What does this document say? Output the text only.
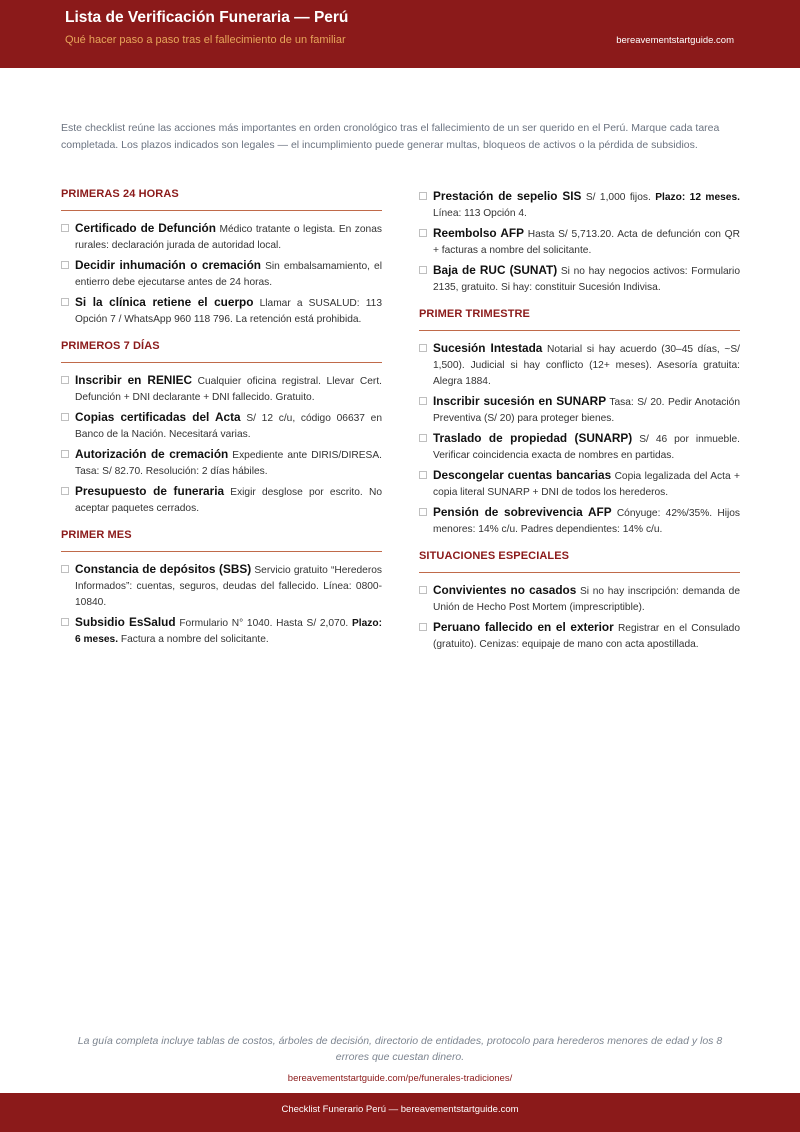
Lista de Verificación Funeraria — Perú
Qué hacer paso a paso tras el fallecimiento de un familiar	bereavementstartguide.com
Este checklist reúne las acciones más importantes en orden cronológico tras el fallecimiento de un ser querido en el Perú. Marque cada tarea completada. Los plazos indicados son legales — el incumplimiento puede generar multas, bloqueos de activos o la pérdida de subsidios.
PRIMERAS 24 HORAS
Certificado de Defunción Médico tratante o legista. En zonas rurales: declaración jurada de autoridad local.
Decidir inhumación o cremación Sin embalsamamiento, el entierro debe ejecutarse antes de 24 horas.
Si la clínica retiene el cuerpo Llamar a SUSALUD: 113 Opción 7 / WhatsApp 960 118 796. La retención está prohibida.
PRIMEROS 7 DÍAS
Inscribir en RENIEC Cualquier oficina registral. Llevar Cert. Defunción + DNI declarante + DNI fallecido. Gratuito.
Copias certificadas del Acta S/ 12 c/u, código 06637 en Banco de la Nación. Necesitará varias.
Autorización de cremación Expediente ante DIRIS/DIRESA. Tasa: S/ 82.70. Resolución: 2 días hábiles.
Presupuesto de funeraria Exigir desglose por escrito. No aceptar paquetes cerrados.
PRIMER MES
Constancia de depósitos (SBS) Servicio gratuito “Herederos Informados”: cuentas, seguros, deudas del fallecido. Línea: 0800-10840.
Subsidio EsSalud Formulario N° 1040. Hasta S/ 2,070. Plazo: 6 meses. Factura a nombre del solicitante.
Prestación de sepelio SIS S/ 1,000 fijos. Plazo: 12 meses. Línea: 113 Opción 4.
Reembolso AFP Hasta S/ 5,713.20. Acta de defunción con QR + facturas a nombre del solicitante.
Baja de RUC (SUNAT) Si no hay negocios activos: Formulario 2135, gratuito. Si hay: constituir Sucesión Indivisa.
PRIMER TRIMESTRE
Sucesión Intestada Notarial si hay acuerdo (30–45 días, ~S/ 1,500). Judicial si hay conflicto (12+ meses). Asesoría gratuita: Alegra 1884.
Inscribir sucesión en SUNARP Tasa: S/ 20. Pedir Anotación Preventiva (S/ 20) para proteger bienes.
Traslado de propiedad (SUNARP) S/ 46 por inmueble. Verificar coincidencia exacta de nombres en partidas.
Descongelar cuentas bancarias Copia legalizada del Acta + copia literal SUNARP + DNI de todos los herederos.
Pensión de sobrevivencia AFP Cónyuge: 42%/35%. Hijos menores: 14% c/u. Padres dependientes: 14% c/u.
SITUACIONES ESPECIALES
Convivientes no casados Si no hay inscripción: demanda de Unión de Hecho Post Mortem (imprescriptible).
Peruano fallecido en el exterior Registrar en el Consulado (gratuito). Cenizas: equipaje de mano con acta apostillada.
La guía completa incluye tablas de costos, árboles de decisión, directorio de entidades, protocolo para herederos menores de edad y los 8 errores que cuestan dinero.
bereavementstartguide.com/pe/funerales-tradiciones/
Checklist Funerario Perú — bereavementstartguide.com
